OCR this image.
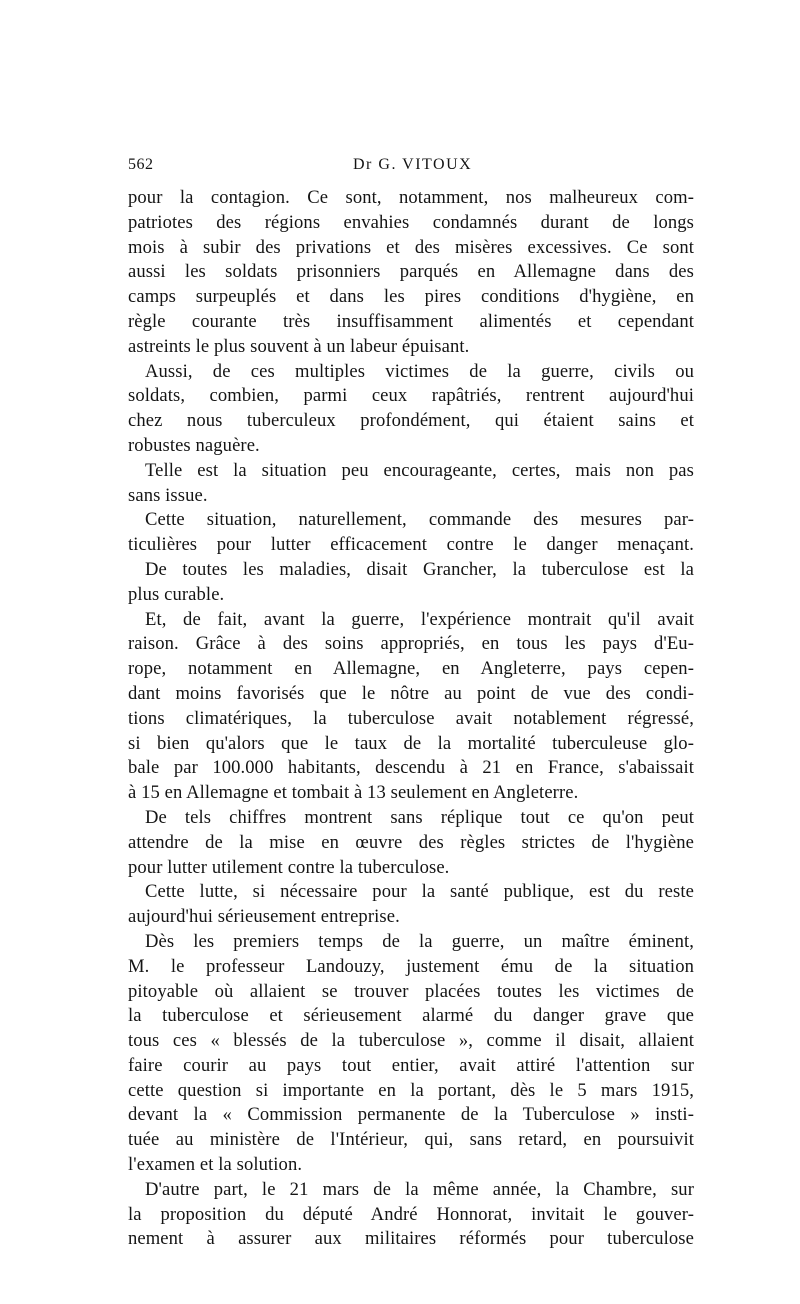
562	Dr G. VITOUX
pour la contagion. Ce sont, notamment, nos malheureux com-
patriotes des régions envahies condamnés durant de longs
mois à subir des privations et des misères excessives. Ce sont
aussi les soldats prisonniers parqués en Allemagne dans des
camps surpeuplés et dans les pires conditions d'hygiène, en
règle courante très insuffisamment alimentés et cependant
astreints le plus souvent à un labeur épuisant.
Aussi, de ces multiples victimes de la guerre, civils ou
soldats, combien, parmi ceux rapâtriés, rentrent aujourd'hui
chez nous tuberculeux profondément, qui étaient sains et
robustes naguère.
Telle est la situation peu encourageante, certes, mais non pas
sans issue.
Cette situation, naturellement, commande des mesures par-
ticulières pour lutter efficacement contre le danger menaçant.
De toutes les maladies, disait Grancher, la tuberculose est la
plus curable.
Et, de fait, avant la guerre, l'expérience montrait qu'il avait
raison. Grâce à des soins appropriés, en tous les pays d'Eu-
rope, notamment en Allemagne, en Angleterre, pays cepen-
dant moins favorisés que le nôtre au point de vue des condi-
tions climatériques, la tuberculose avait notablement régressé,
si bien qu'alors que le taux de la mortalité tuberculeuse glo-
bale par 100.000 habitants, descendu à 21 en France, s'abaissait
à 15 en Allemagne et tombait à 13 seulement en Angleterre.
De tels chiffres montrent sans réplique tout ce qu'on peut
attendre de la mise en œuvre des règles strictes de l'hygiène
pour lutter utilement contre la tuberculose.
Cette lutte, si nécessaire pour la santé publique, est du reste
aujourd'hui sérieusement entreprise.
Dès les premiers temps de la guerre, un maître éminent,
M. le professeur Landouzy, justement ému de la situation
pitoyable où allaient se trouver placées toutes les victimes de
la tuberculose et sérieusement alarmé du danger grave que
tous ces « blessés de la tuberculose », comme il disait, allaient
faire courir au pays tout entier, avait attiré l'attention sur
cette question si importante en la portant, dès le 5 mars 1915,
devant la « Commission permanente de la Tuberculose » insti-
tuée au ministère de l'Intérieur, qui, sans retard, en poursuivit
l'examen et la solution.
D'autre part, le 21 mars de la même année, la Chambre, sur
la proposition du député André Honnorat, invitait le gouver-
nement à assurer aux militaires réformés pour tuberculose
